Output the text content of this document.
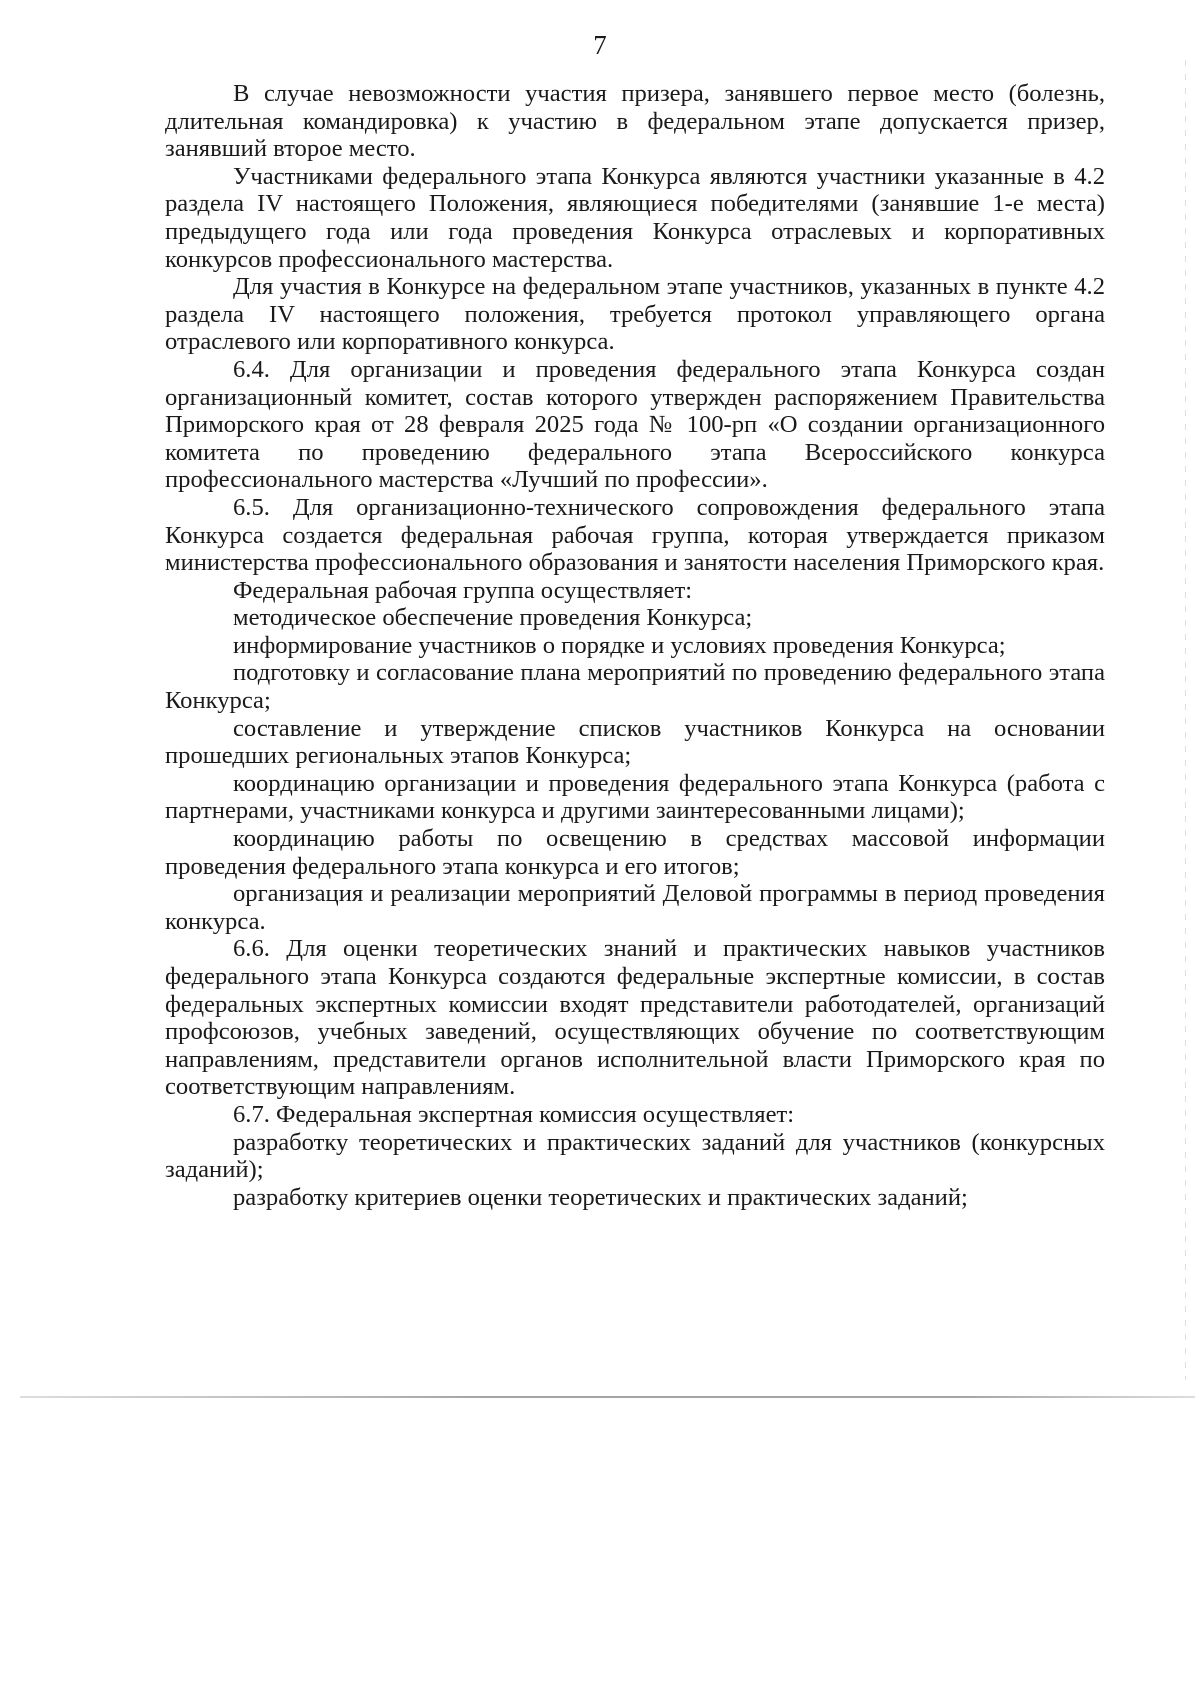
7

В случае невозможности участия призера, занявшего первое место (болезнь, длительная командировка) к участию в федеральном этапе допускается призер, занявший второе место.

Участниками федерального этапа Конкурса являются участники указанные в 4.2 раздела IV настоящего Положения, являющиеся победителями (занявшие 1-е места) предыдущего года или года проведения Конкурса отраслевых и корпоративных конкурсов профессионального мастерства.

Для участия в Конкурсе на федеральном этапе участников, указанных в пункте 4.2 раздела IV настоящего положения, требуется протокол управляющего органа отраслевого или корпоративного конкурса.

6.4. Для организации и проведения федерального этапа Конкурса создан организационный комитет, состав которого утвержден распоряжением Правительства Приморского края от 28 февраля 2025 года № 100-рп «О создании организационного комитета по проведению федерального этапа Всероссийского конкурса профессионального мастерства «Лучший по профессии».

6.5. Для организационно-технического сопровождения федерального этапа Конкурса создается федеральная рабочая группа, которая утверждается приказом министерства профессионального образования и занятости населения Приморского края.

Федеральная рабочая группа осуществляет:

методическое обеспечение проведения Конкурса;

информирование участников о порядке и условиях проведения Конкурса;

подготовку и согласование плана мероприятий по проведению федерального этапа Конкурса;

составление и утверждение списков участников Конкурса на основании прошедших региональных этапов Конкурса;

координацию организации и проведения федерального этапа Конкурса (работа с партнерами, участниками конкурса и другими заинтересованными лицами);

координацию работы по освещению в средствах массовой информации проведения федерального этапа конкурса и его итогов;

организация и реализации мероприятий Деловой программы в период проведения конкурса.

6.6. Для оценки теоретических знаний и практических навыков участников федерального этапа Конкурса создаются федеральные экспертные комиссии, в состав федеральных экспертных комиссии входят представители работодателей, организаций профсоюзов, учебных заведений, осуществляющих обучение по соответствующим направлениям, представители органов исполнительной власти Приморского края по соответствующим направлениям.

6.7. Федеральная экспертная комиссия осуществляет:

разработку теоретических и практических заданий для участников (конкурсных заданий);

разработку критериев оценки теоретических и практических заданий;
